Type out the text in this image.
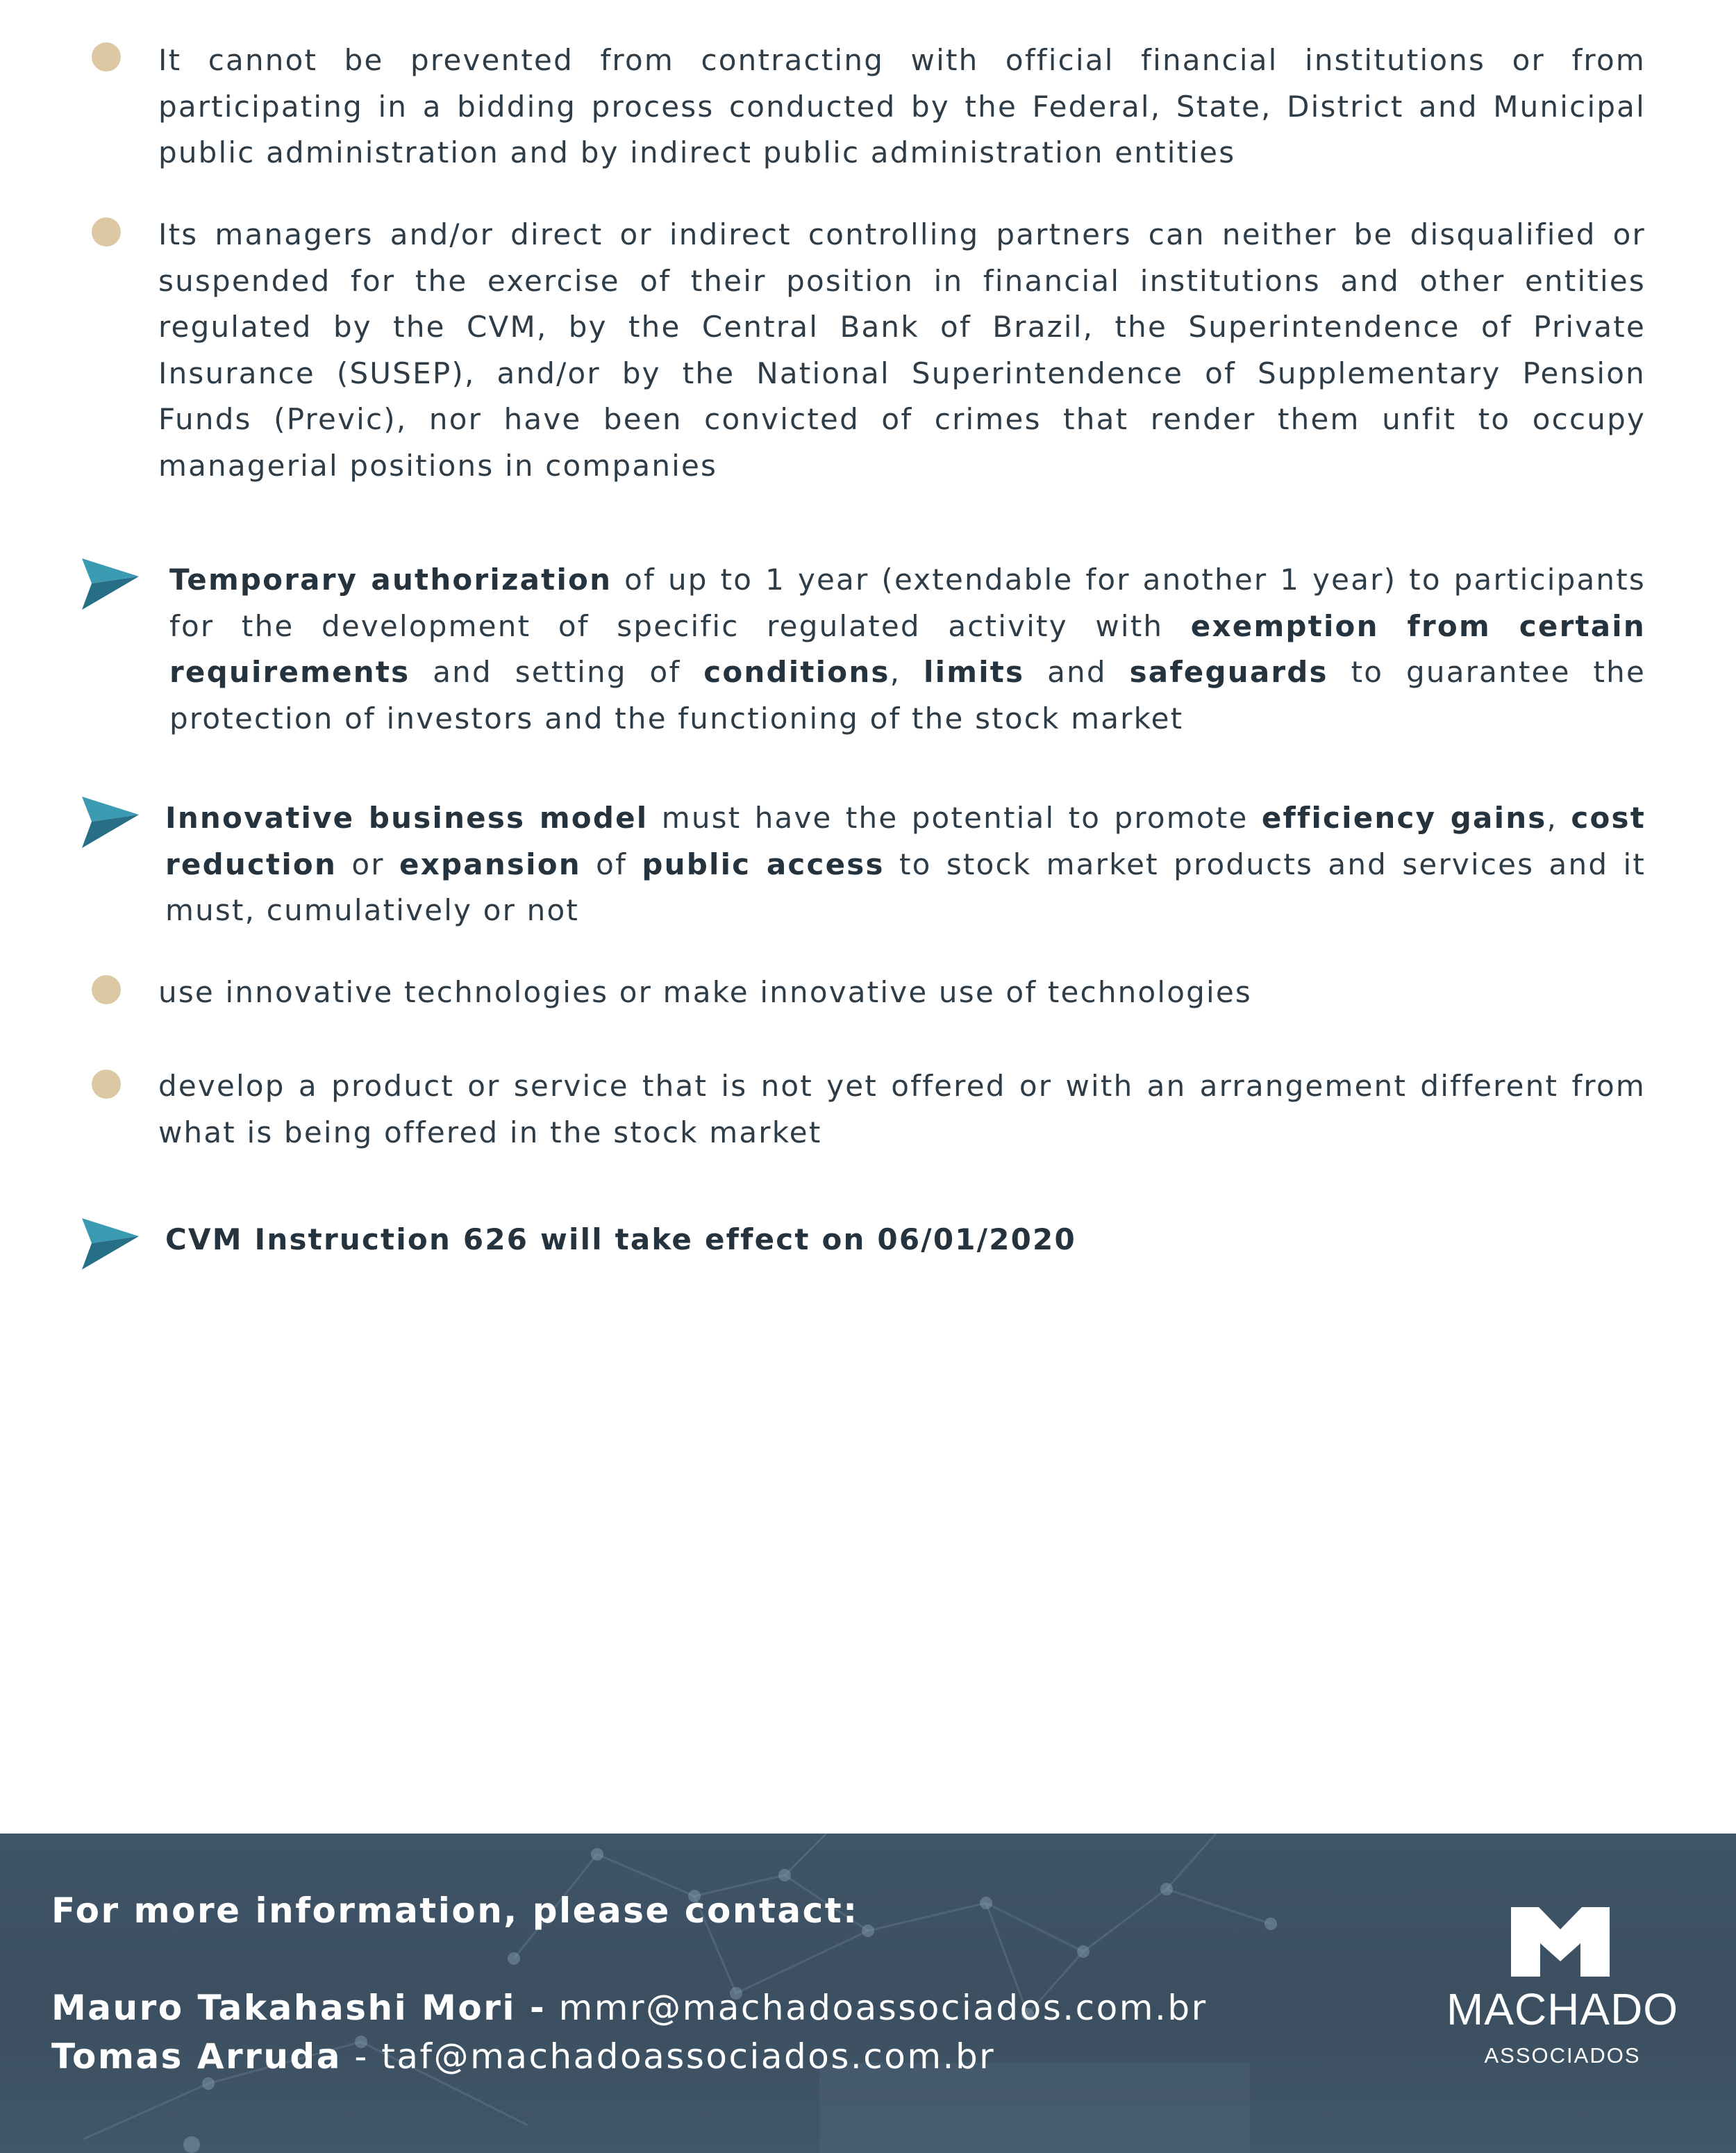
It cannot be prevented from contracting with official financial institutions or from participating in a bidding process conducted by the Federal, State, District and Municipal public administration and by indirect public administration entities
Its managers and/or direct or indirect controlling partners can neither be disqualified or suspended for the exercise of their position in financial institutions and other entities regulated by the CVM, by the Central Bank of Brazil, the Superintendence of Private Insurance (SUSEP), and/or by the National Superintendence of Supplementary Pension Funds (Previc), nor have been convicted of crimes that render them unfit to occupy managerial positions in companies
Temporary authorization of up to 1 year (extendable for another 1 year) to participants for the development of specific regulated activity with exemption from certain requirements and setting of conditions, limits and safeguards to guarantee the protection of investors and the functioning of the stock market
Innovative business model must have the potential to promote efficiency gains, cost reduction or expansion of public access to stock market products and services and it must, cumulatively or not
use innovative technologies or make innovative use of technologies
develop a product or service that is not yet offered or with an arrangement different from what is being offered in the stock market
CVM Instruction 626 will take effect on 06/01/2020
For more information, please contact:
Mauro Takahashi Mori - mmr@machadoassociados.com.br
Tomas Arruda - taf@machadoassociados.com.br
MACHADO
ASSOCIADOS
